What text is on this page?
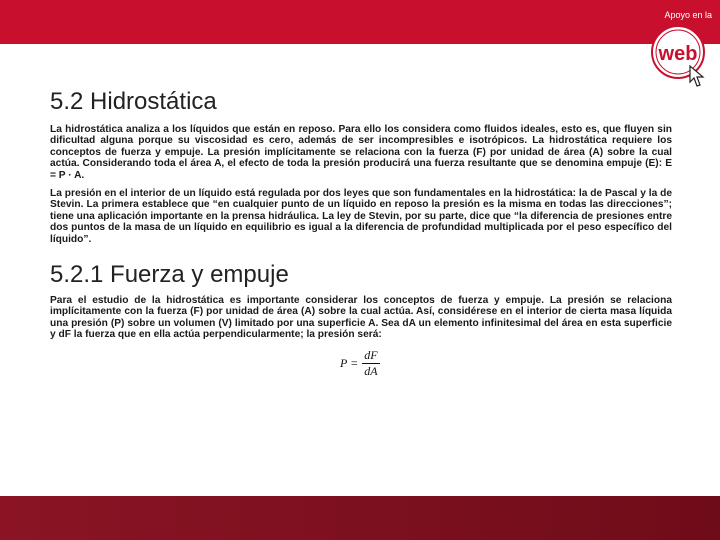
Apoyo en la
web
5.2 Hidrostática

La hidrostática analiza a los líquidos que están en reposo. Para ello los considera como fluidos ideales, esto es, que fluyen sin dificultad alguna porque su viscosidad es cero, además de ser incompresibles e isotrópicos. La hidrostática requiere los conceptos de fuerza y empuje. La presión implícitamente se relaciona con la fuerza (F) por unidad de área (A) sobre la cual actúa. Considerando toda el área A, el efecto de toda la presión producirá una fuerza resultante que se denomina empuje (E): E = P · A.

La presión en el interior de un líquido está regulada por dos leyes que son fundamentales en la hidrostática: la de Pascal y la de Stevin. La primera establece que “en cualquier punto de un líquido en reposo la presión es la misma en todas las direcciones”; tiene una aplicación importante en la prensa hidráulica. La ley de Stevin, por su parte, dice que “la diferencia de presiones entre dos puntos de la masa de un líquido en equilibrio es igual a la diferencia de profundidad multiplicada por el peso específico del líquido”.

5.2.1 Fuerza y empuje

Para el estudio de la hidrostática es importante considerar los conceptos de fuerza y empuje. La presión se relaciona implícitamente con la fuerza (F) por unidad de área (A) sobre la cual actúa. Así, considérese en el interior de cierta masa líquida una presión (P) sobre un volumen (V) limitado por una superficie A. Sea dA un elemento infinitesimal del área en esta superficie y dF la fuerza que en ella actúa perpendicularmente; la presión será:

$P = \frac{dF}{dA}$
